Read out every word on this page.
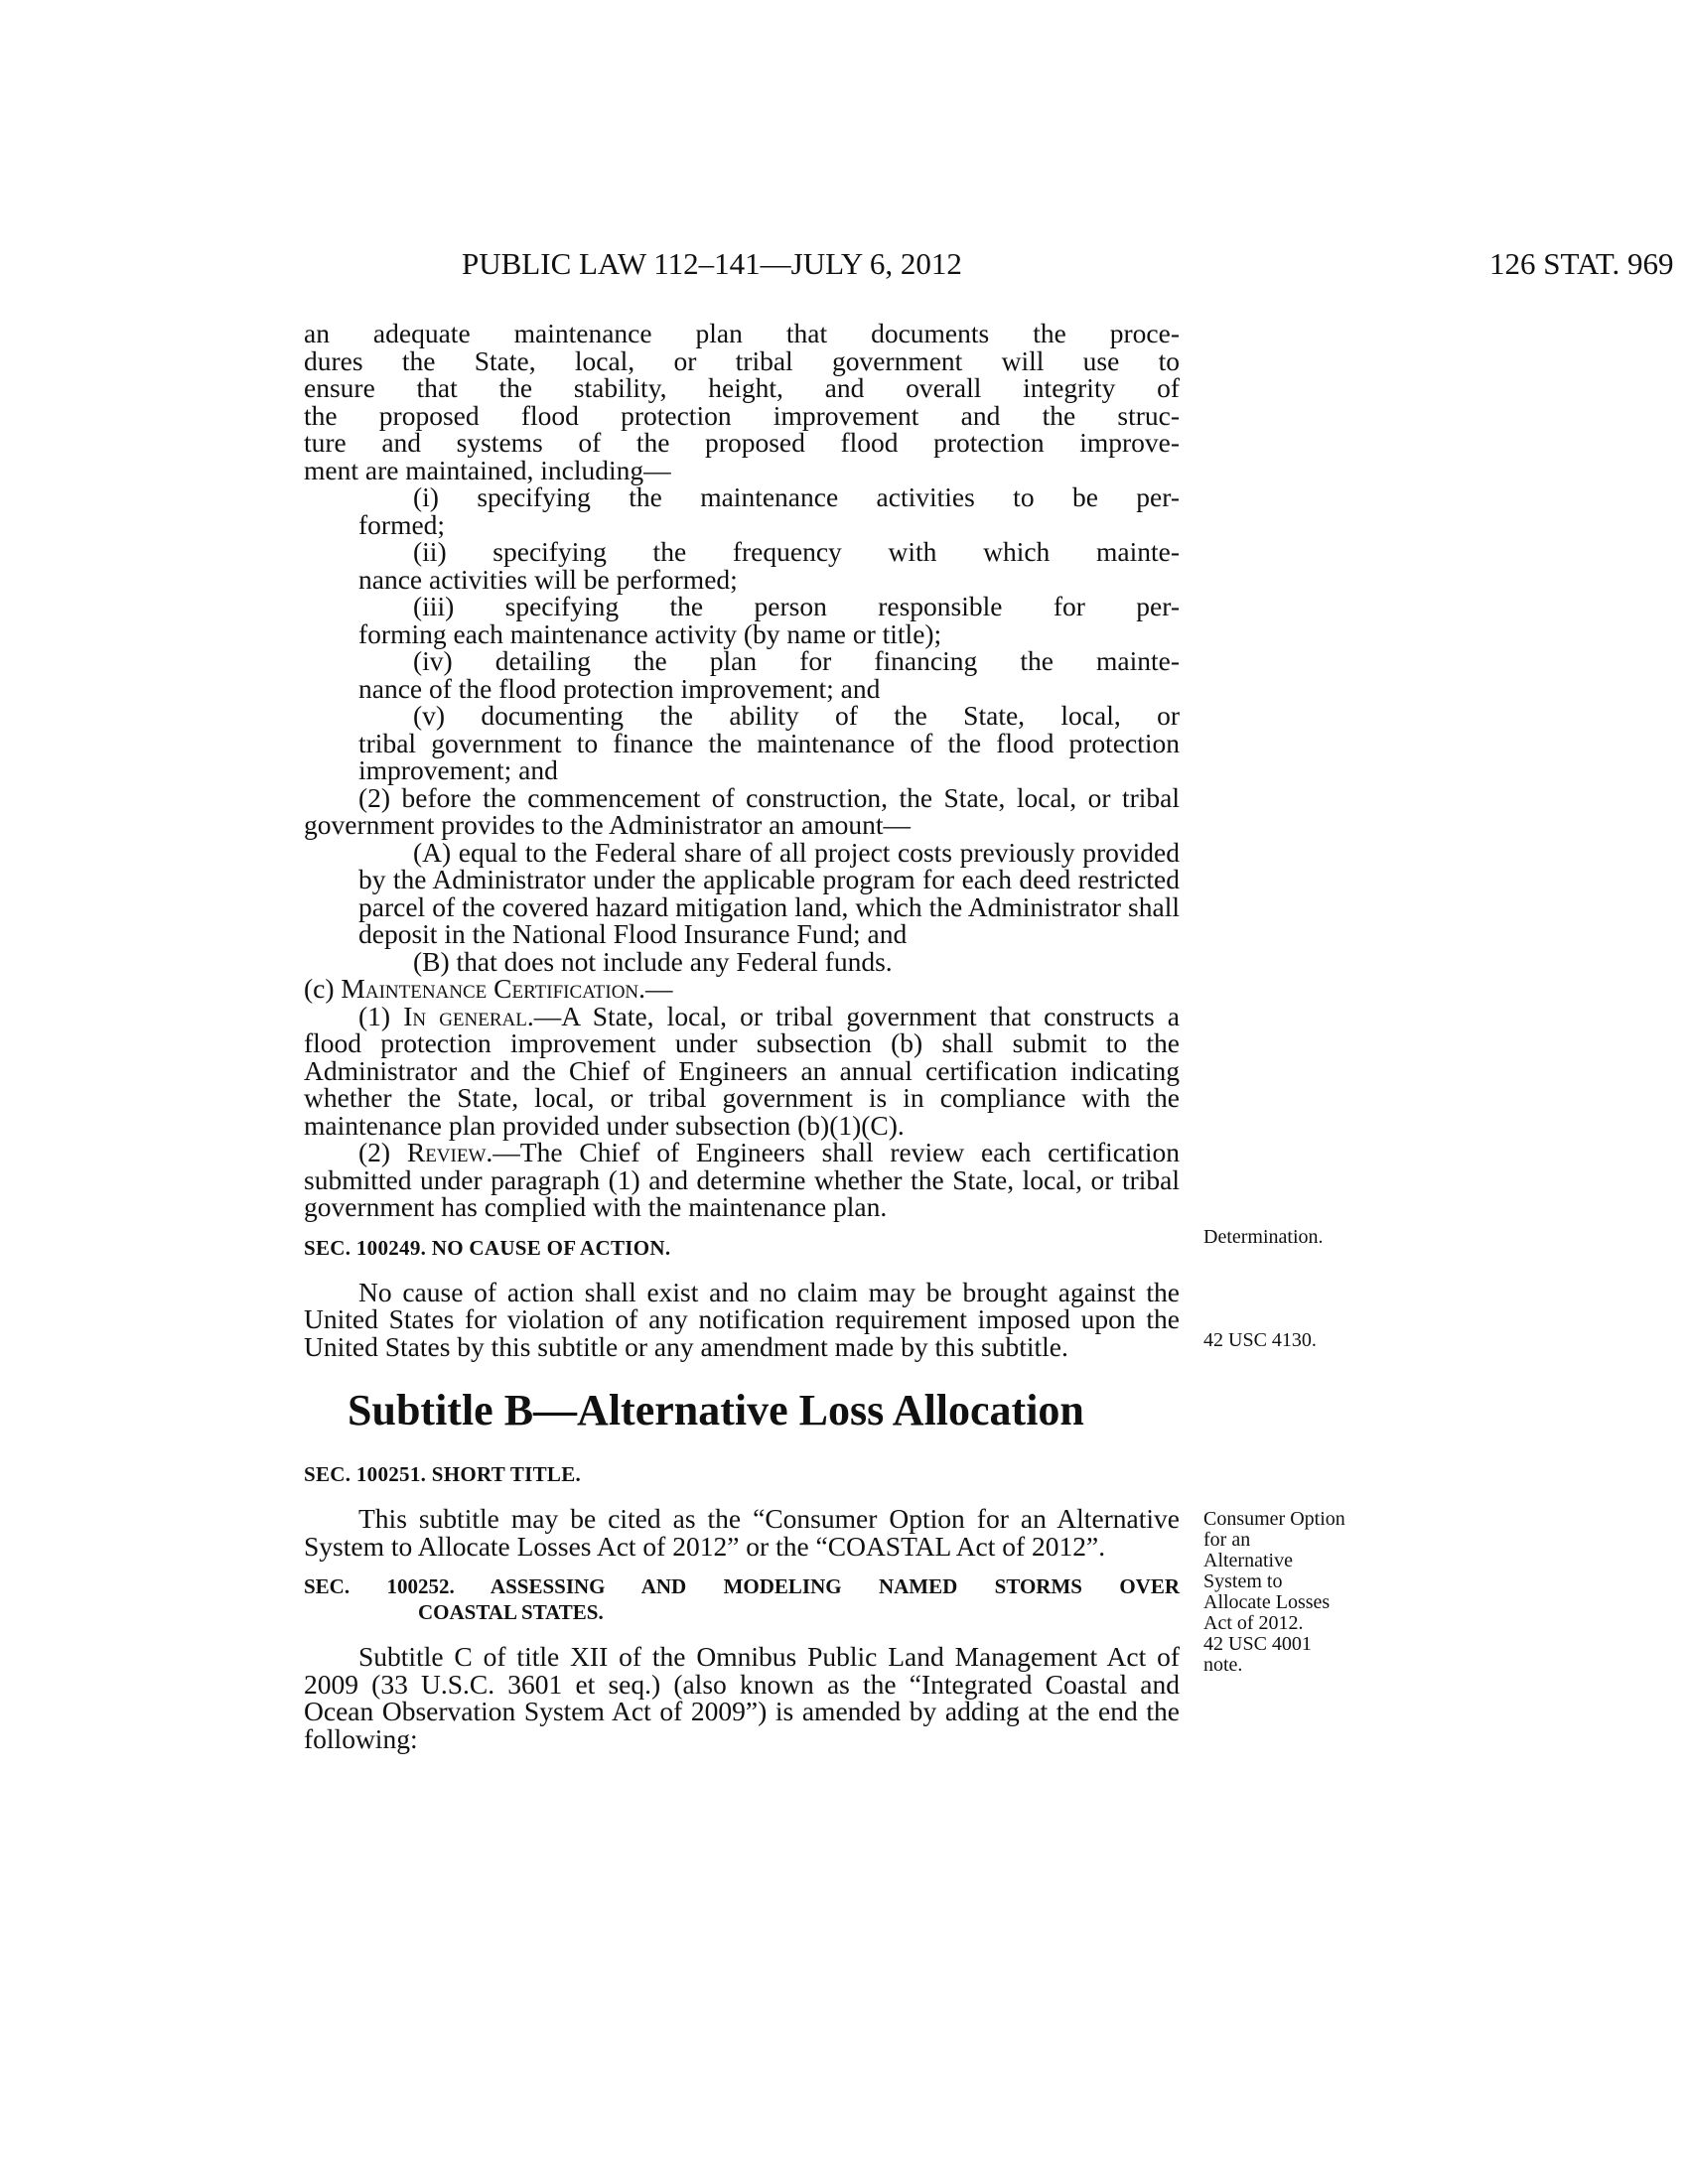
PUBLIC LAW 112–141—JULY 6, 2012	126 STAT. 969
an adequate maintenance plan that documents the proce-
dures the State, local, or tribal government will use to
ensure that the stability, height, and overall integrity of
the proposed flood protection improvement and the struc-
ture and systems of the proposed flood protection improve-
ment are maintained, including—
(i) specifying the maintenance activities to be per-
formed;
(ii) specifying the frequency with which mainte-
nance activities will be performed;
(iii) specifying the person responsible for per-
forming each maintenance activity (by name or title);
(iv) detailing the plan for financing the mainte-
nance of the flood protection improvement; and
(v) documenting the ability of the State, local, or
tribal government to finance the maintenance of the flood protection improvement; and
(2) before the commencement of construction, the State, local, or tribal government provides to the Administrator an amount—
(A) equal to the Federal share of all project costs previously provided by the Administrator under the applicable program for each deed restricted parcel of the covered hazard mitigation land, which the Administrator shall deposit in the National Flood Insurance Fund; and
(B) that does not include any Federal funds.
(c) Maintenance Certification.—
(1) In general.—A State, local, or tribal government that constructs a flood protection improvement under subsection (b) shall submit to the Administrator and the Chief of Engineers an annual certification indicating whether the State, local, or tribal government is in compliance with the maintenance plan provided under subsection (b)(1)(C).
(2) Review.—The Chief of Engineers shall review each certification submitted under paragraph (1) and determine whether the State, local, or tribal government has complied with the maintenance plan.
SEC. 100249. NO CAUSE OF ACTION.
No cause of action shall exist and no claim may be brought against the United States for violation of any notification requirement imposed upon the United States by this subtitle or any amendment made by this subtitle.
Subtitle B—Alternative Loss Allocation
SEC. 100251. SHORT TITLE.
This subtitle may be cited as the “Consumer Option for an Alternative System to Allocate Losses Act of 2012” or the “COASTAL Act of 2012”.
SEC. 100252. ASSESSING AND MODELING NAMED STORMS OVER
COASTAL STATES.
Subtitle C of title XII of the Omnibus Public Land Management Act of 2009 (33 U.S.C. 3601 et seq.) (also known as the “Integrated Coastal and Ocean Observation System Act of 2009”) is amended by adding at the end the following:
Determination.
42 USC 4130.
Consumer Option
for an
Alternative
System to
Allocate Losses
Act of 2012.
42 USC 4001
note.
